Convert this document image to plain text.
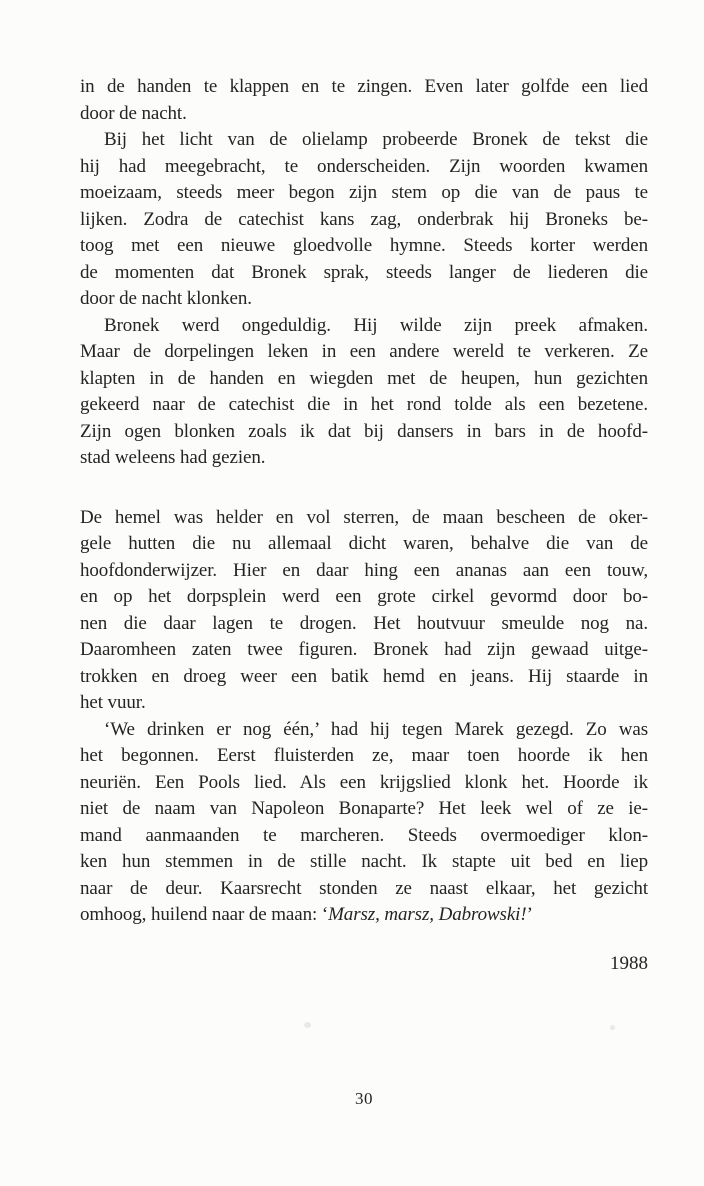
in de handen te klappen en te zingen. Even later golfde een lied
door de nacht.
Bij het licht van de olielamp probeerde Bronek de tekst die
hij had meegebracht, te onderscheiden. Zijn woorden kwamen
moeizaam, steeds meer begon zijn stem op die van de paus te
lijken. Zodra de catechist kans zag, onderbrak hij Broneks be-
toog met een nieuwe gloedvolle hymne. Steeds korter werden
de momenten dat Bronek sprak, steeds langer de liederen die
door de nacht klonken.
Bronek werd ongeduldig. Hij wilde zijn preek afmaken.
Maar de dorpelingen leken in een andere wereld te verkeren. Ze
klapten in de handen en wiegden met de heupen, hun gezichten
gekeerd naar de catechist die in het rond tolde als een bezetene.
Zijn ogen blonken zoals ik dat bij dansers in bars in de hoofd-
stad weleens had gezien.
De hemel was helder en vol sterren, de maan bescheen de oker-
gele hutten die nu allemaal dicht waren, behalve die van de
hoofdonderwijzer. Hier en daar hing een ananas aan een touw,
en op het dorpsplein werd een grote cirkel gevormd door bo-
nen die daar lagen te drogen. Het houtvuur smeulde nog na.
Daaromheen zaten twee figuren. Bronek had zijn gewaad uitge-
trokken en droeg weer een batik hemd en jeans. Hij staarde in
het vuur.
‘We drinken er nog één,’ had hij tegen Marek gezegd. Zo was
het begonnen. Eerst fluisterden ze, maar toen hoorde ik hen
neuriën. Een Pools lied. Als een krijgslied klonk het. Hoorde ik
niet de naam van Napoleon Bonaparte? Het leek wel of ze ie-
mand aanmaanden te marcheren. Steeds overmoediger klon-
ken hun stemmen in de stille nacht. Ik stapte uit bed en liep
naar de deur. Kaarsrecht stonden ze naast elkaar, het gezicht
omhoog, huilend naar de maan: ‘Marsz, marsz, Dabrowski!’
1988
30
